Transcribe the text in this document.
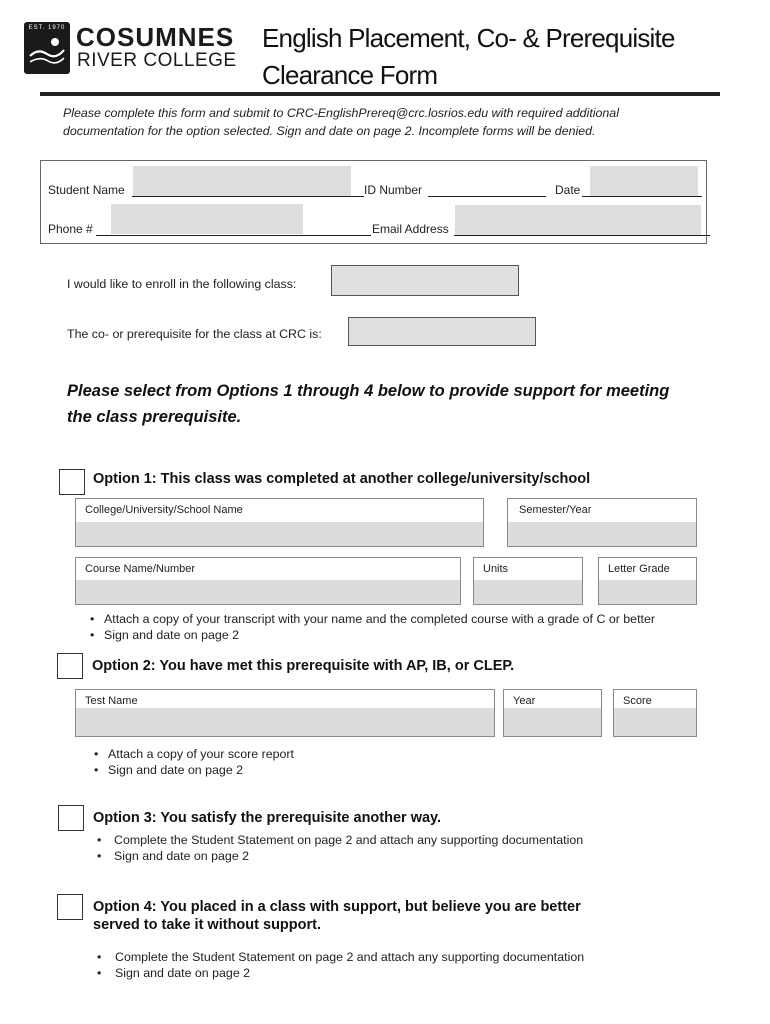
EST. 1970 COSUMNES
RIVER COLLEGE
English Placement, Co- & Prerequisite
Clearance Form
Please complete this form and submit to CRC-EnglishPrereq@crc.losrios.edu with required additional
documentation for the option selected. Sign and date on page 2. Incomplete forms will be denied.
Student Name	ID Number	Date
Phone #	Email Address
I would like to enroll in the following class:
The co- or prerequisite for the class at CRC is:
Please select from Options 1 through 4 below to provide support for meeting
the class prerequisite.
Option 1: This class was completed at another college/university/school
College/University/School Name	Semester/Year
Course Name/Number	Units	Letter Grade
• Attach a copy of your transcript with your name and the completed course with a grade of C or better
• Sign and date on page 2
Option 2: You have met this prerequisite with AP, IB, or CLEP.
Test Name	Year	Score
• Attach a copy of your score report
• Sign and date on page 2
Option 3: You satisfy the prerequisite another way.
• Complete the Student Statement on page 2 and attach any supporting documentation
• Sign and date on page 2
Option 4: You placed in a class with support, but believe you are better
served to take it without support.
• Complete the Student Statement on page 2 and attach any supporting documentation
• Sign and date on page 2
